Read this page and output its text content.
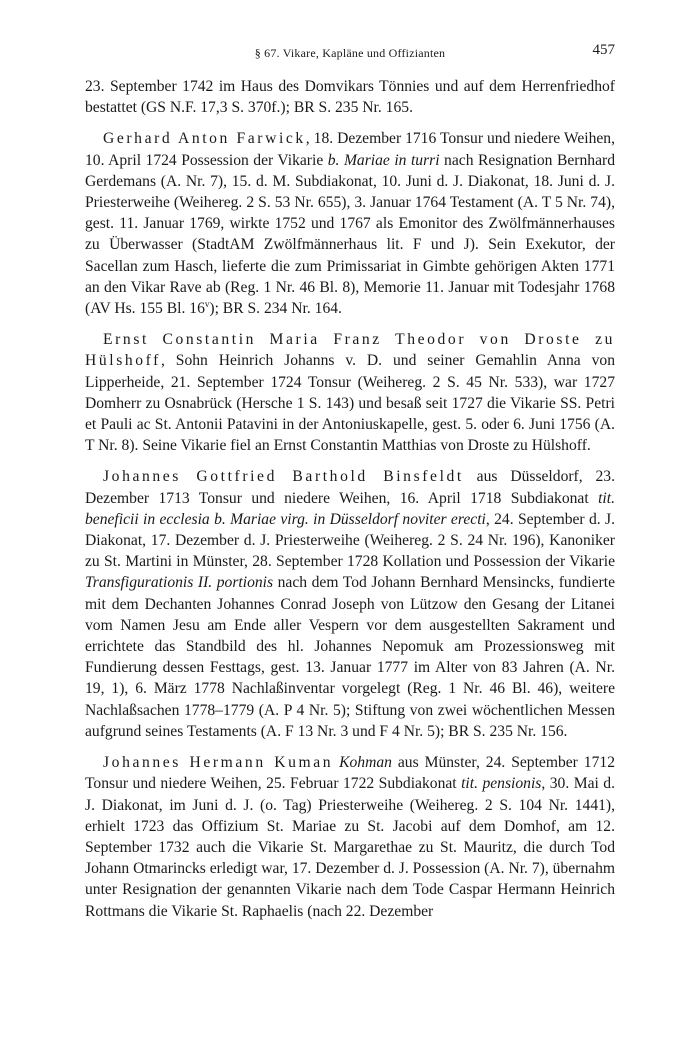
§ 67. Vikare, Kapläne und Offizianten	457

23. September 1742 im Haus des Domvikars Tönnies und auf dem Herrenfriedhof bestattet (GS N.F. 17,3 S. 370f.); BR S. 235 Nr. 165.

Gerhard Anton Farwick, 18. Dezember 1716 Tonsur und niedere Weihen, 10. April 1724 Possession der Vikarie b. Mariae in turri nach Resignation Bernhard Gerdemans (A. Nr. 7), 15. d. M. Subdiakonat, 10. Juni d. J. Diakonat, 18. Juni d. J. Priesterweihe (Weihereg. 2 S. 53 Nr. 655), 3. Januar 1764 Testament (A. T 5 Nr. 74), gest. 11. Januar 1769, wirkte 1752 und 1767 als Emonitor des Zwölfmännerhauses zu Überwasser (StadtAM Zwölfmännerhaus lit. F und J). Sein Exekutor, der Sacellan zum Hasch, lieferte die zum Primissariat in Gimbte gehörigen Akten 1771 an den Vikar Rave ab (Reg. 1 Nr. 46 Bl. 8), Memorie 11. Januar mit Todesjahr 1768 (AV Hs. 155 Bl. 16$^v$); BR S. 234 Nr. 164.

Ernst Constantin Maria Franz Theodor von Droste zu Hülshoff, Sohn Heinrich Johanns v. D. und seiner Gemahlin Anna von Lipperheide, 21. September 1724 Tonsur (Weihereg. 2 S. 45 Nr. 533), war 1727 Domherr zu Osnabrück (Hersche 1 S. 143) und besaß seit 1727 die Vikarie SS. Petri et Pauli ac St. Antonii Patavini in der Antoniuskapelle, gest. 5. oder 6. Juni 1756 (A. T Nr. 8). Seine Vikarie fiel an Ernst Constantin Matthias von Droste zu Hülshoff.

Johannes Gottfried Barthold Binsfeldt aus Düsseldorf, 23. Dezember 1713 Tonsur und niedere Weihen, 16. April 1718 Subdiakonat tit. beneficii in ecclesia b. Mariae virg. in Düsseldorf noviter erecti, 24. September d. J. Diakonat, 17. Dezember d. J. Priesterweihe (Weihereg. 2 S. 24 Nr. 196), Kanoniker zu St. Martini in Münster, 28. September 1728 Kollation und Possession der Vikarie Transfigurationis II. portionis nach dem Tod Johann Bernhard Mensincks, fundierte mit dem Dechanten Johannes Conrad Joseph von Lützow den Gesang der Litanei vom Namen Jesu am Ende aller Vespern vor dem ausgestellten Sakrament und errichtete das Standbild des hl. Johannes Nepomuk am Prozessionsweg mit Fundierung dessen Festtags, gest. 13. Januar 1777 im Alter von 83 Jahren (A. Nr. 19, 1), 6. März 1778 Nachlaßinventar vorgelegt (Reg. 1 Nr. 46 Bl. 46), weitere Nachlaßsachen 1778–1779 (A. P 4 Nr. 5); Stiftung von zwei wöchentlichen Messen aufgrund seines Testaments (A. F 13 Nr. 3 und F 4 Nr. 5); BR S. 235 Nr. 156.

Johannes Hermann Kuman Kohman aus Münster, 24. September 1712 Tonsur und niedere Weihen, 25. Februar 1722 Subdiakonat tit. pensionis, 30. Mai d. J. Diakonat, im Juni d. J. (o. Tag) Priesterweihe (Weihereg. 2 S. 104 Nr. 1441), erhielt 1723 das Offizium St. Mariae zu St. Jacobi auf dem Domhof, am 12. September 1732 auch die Vikarie St. Margarethae zu St. Mauritz, die durch Tod Johann Otmarincks erledigt war, 17. Dezember d. J. Possession (A. Nr. 7), übernahm unter Resignation der genannten Vikarie nach dem Tode Caspar Hermann Heinrich Rottmans die Vikarie St. Raphaelis (nach 22. Dezember
